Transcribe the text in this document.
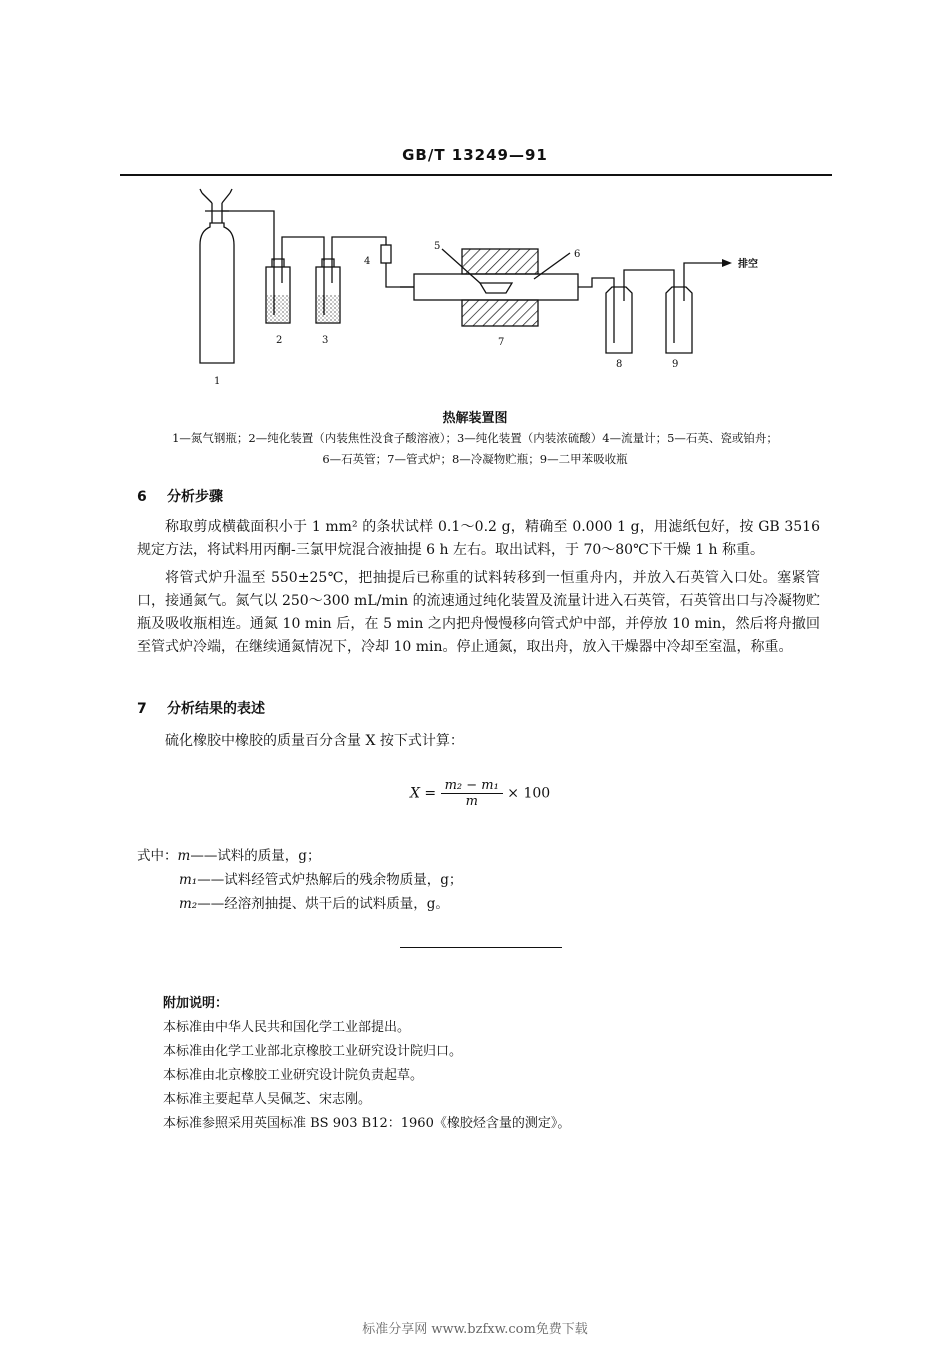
GB/T 13249—91
1
2	3
4
5
6
7
8	9
排空
热解装置图
1—氮气钢瓶；2—纯化装置（内装焦性没食子酸溶液）；3—纯化装置（内装浓硫酸）4—流量计；5—石英、瓷或铂舟；
6—石英管；7—管式炉；8—冷凝物贮瓶；9—二甲苯吸收瓶
6 分析步骤
称取剪成横截面积小于 1 mm² 的条状试样 0.1～0.2 g，精确至 0.000 1 g，用滤纸包好，按 GB 3516 规定方法，将试料用丙酮-三氯甲烷混合液抽提 6 h 左右。取出试料，于 70～80℃下干燥 1 h 称重。
将管式炉升温至 550±25℃，把抽提后已称重的试料转移到一恒重舟内，并放入石英管入口处。塞紧管口，接通氮气。氮气以 250～300 mL/min 的流速通过纯化装置及流量计进入石英管，石英管出口与冷凝物贮瓶及吸收瓶相连。通氮 10 min 后，在 5 min 之内把舟慢慢移向管式炉中部，并停放 10 min，然后将舟撤回至管式炉冷端，在继续通氮情况下，冷却 10 min。停止通氮，取出舟，放入干燥器中冷却至室温，称重。
7 分析结果的表述
硫化橡胶中橡胶的质量百分含量 X 按下式计算：
$X = \frac{\text{m₂ − m₁}}{m} \times 100$
式中：m——试料的质量，g；
m₁——试料经管式炉热解后的残余物质量，g；
m₂——经溶剂抽提、烘干后的试料质量，g。
附加说明：
本标准由中华人民共和国化学工业部提出。
本标准由化学工业部北京橡胶工业研究设计院归口。
本标准由北京橡胶工业研究设计院负责起草。
本标准主要起草人吴佩芝、宋志刚。
本标准参照采用英国标准 BS 903 B12：1960《橡胶烃含量的测定》。
标准分享网 www.bzfxw.com免费下载
